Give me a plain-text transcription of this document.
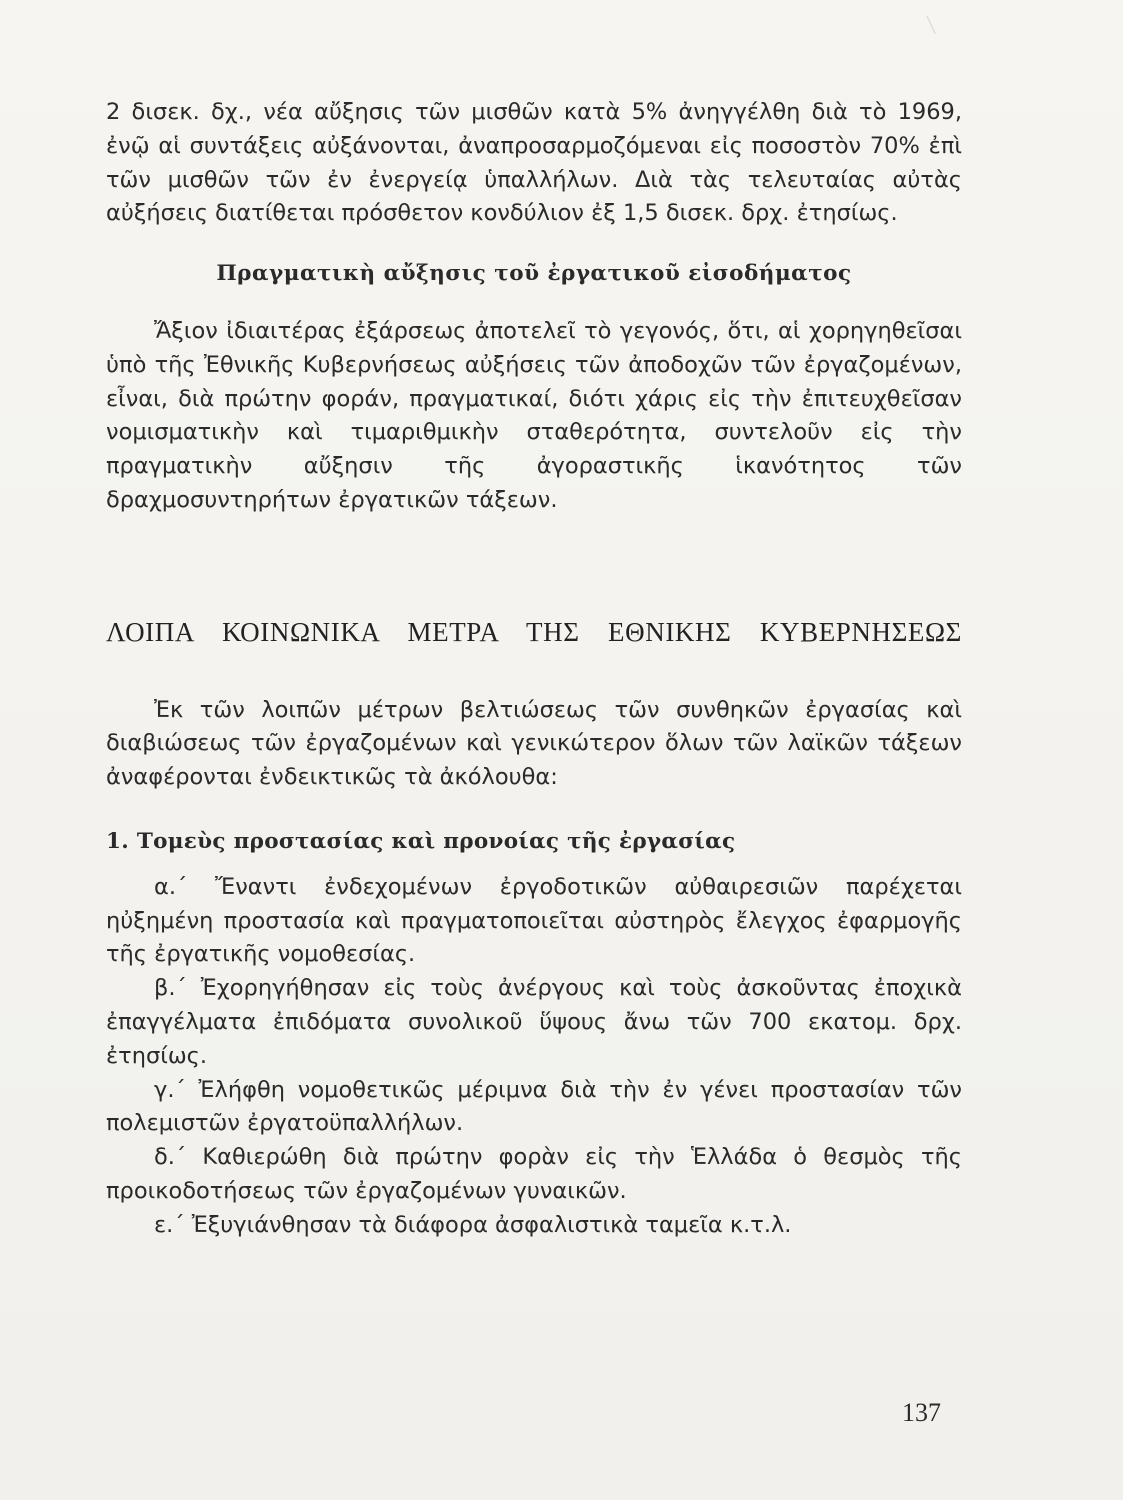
2 δισεκ. δχ., νέα αὔξησις τῶν μισθῶν κατὰ 5% ἀνηγγέλθη διὰ τὸ 1969, ἐνῷ αἱ συντάξεις αὐξάνονται, ἀναπροσαρμοζόμεναι εἰς ποσοστὸν 70% ἐπὶ τῶν μισθῶν τῶν ἐν ἐνεργείᾳ ὑπαλλήλων. Διὰ τὰς τελευταίας αὐτὰς αὐξήσεις διατίθεται πρόσθετον κονδύλιον ἐξ 1,5 δισεκ. δρχ. ἐτησίως.

Πραγματικὴ αὔξησις τοῦ ἐργατικοῦ εἰσοδήματος

Ἄξιον ἰδιαιτέρας ἐξάρσεως ἀποτελεῖ τὸ γεγονός, ὅτι, αἱ χορηγηθεῖσαι ὑπὸ τῆς Ἐθνικῆς Κυβερνήσεως αὐξήσεις τῶν ἀποδοχῶν τῶν ἐργαζομένων, εἶναι, διὰ πρώτην φοράν, πραγματικαί, διότι χάρις εἰς τὴν ἐπιτευχθεῖσαν νομισματικὴν καὶ τιμαριθμικὴν σταθερότητα, συντελοῦν εἰς τὴν πραγματικὴν αὔξησιν τῆς ἀγοραστικῆς ἱκανότητος τῶν δραχμοσυντηρήτων ἐργατικῶν τάξεων.

ΛΟΙΠΑ ΚΟΙΝΩΝΙΚΑ ΜΕΤΡΑ ΤΗΣ ΕΘΝΙΚΗΣ ΚΥΒΕΡΝΗΣΕΩΣ

Ἐκ τῶν λοιπῶν μέτρων βελτιώσεως τῶν συνθηκῶν ἐργασίας καὶ διαβιώσεως τῶν ἐργαζομένων καὶ γενικώτερον ὅλων τῶν λαϊκῶν τάξεων ἀναφέρονται ἐνδεικτικῶς τὰ ἀκόλουθα:

1. Τομεὺς προστασίας καὶ προνοίας τῆς ἐργασίας

α.΄ Ἔναντι ἐνδεχομένων ἐργοδοτικῶν αὐθαιρεσιῶν παρέχεται ηὐξημένη προστασία καὶ πραγματοποιεῖται αὐστηρὸς ἔλεγχος ἐφαρμογῆς τῆς ἐργατικῆς νομοθεσίας.

β.΄ Ἐχορηγήθησαν εἰς τοὺς ἀνέργους καὶ τοὺς ἀσκοῦντας ἐποχικὰ ἐπαγγέλματα ἐπιδόματα συνολικοῦ ὕψους ἄνω τῶν 700 εκατομ. δρχ. ἐτησίως.

γ.΄ Ἐλήφθη νομοθετικῶς μέριμνα διὰ τὴν ἐν γένει προστασίαν τῶν πολεμιστῶν ἐργατοϋπαλλήλων.

δ.΄ Καθιερώθη διὰ πρώτην φορὰν εἰς τὴν Ἑλλάδα ὁ θεσμὸς τῆς προικοδοτήσεως τῶν ἐργαζομένων γυναικῶν.

ε.΄ Ἐξυγιάνθησαν τὰ διάφορα ἀσφαλιστικὰ ταμεῖα κ.τ.λ.

137
